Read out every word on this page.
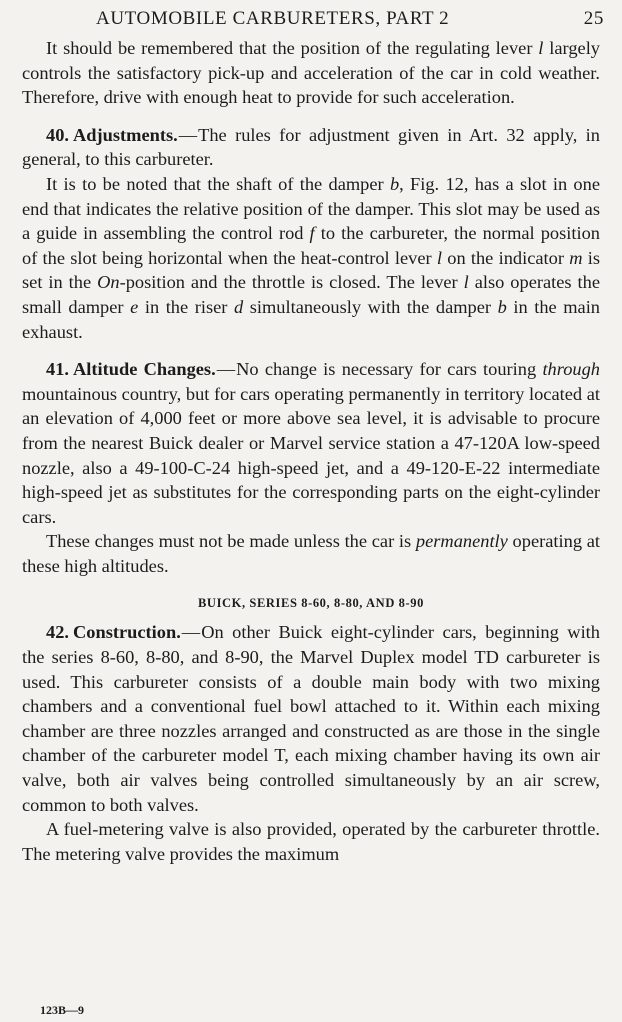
AUTOMOBILE CARBURETERS, PART 2	25

It should be remembered that the position of the regulating lever l largely controls the satisfactory pick-up and acceleration of the car in cold weather. Therefore, drive with enough heat to provide for such acceleration.

40. Adjustments.—The rules for adjustment given in Art. 32 apply, in general, to this carbureter.

It is to be noted that the shaft of the damper b, Fig. 12, has a slot in one end that indicates the relative position of the damper. This slot may be used as a guide in assembling the control rod f to the carbureter, the normal position of the slot being horizontal when the heat-control lever l on the indicator m is set in the On-position and the throttle is closed. The lever l also operates the small damper e in the riser d simultaneously with the damper b in the main exhaust.

41. Altitude Changes.—No change is necessary for cars touring through mountainous country, but for cars operating permanently in territory located at an elevation of 4,000 feet or more above sea level, it is advisable to procure from the nearest Buick dealer or Marvel service station a 47-120A low-speed nozzle, also a 49-100-C-24 high-speed jet, and a 49-120-E-22 intermediate high-speed jet as substitutes for the corresponding parts on the eight-cylinder cars.

These changes must not be made unless the car is permanently operating at these high altitudes.

BUICK, SERIES 8-60, 8-80, AND 8-90

42. Construction.—On other Buick eight-cylinder cars, beginning with the series 8-60, 8-80, and 8-90, the Marvel Duplex model TD carbureter is used. This carbureter consists of a double main body with two mixing chambers and a conventional fuel bowl attached to it. Within each mixing chamber are three nozzles arranged and constructed as are those in the single chamber of the carbureter model T, each mixing chamber having its own air valve, both air valves being controlled simultaneously by an air screw, common to both valves.

A fuel-metering valve is also provided, operated by the carbureter throttle. The metering valve provides the maximum

123B—9
